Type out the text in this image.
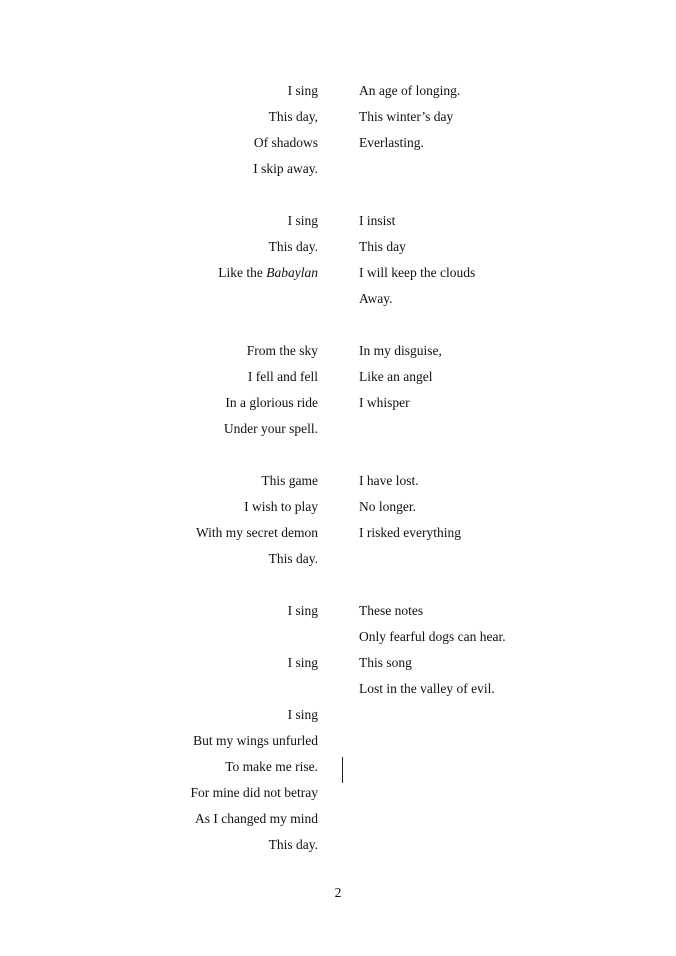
I sing
This day,
Of shadows
I skip away.
An age of longing.
This winter’s day
Everlasting.
I sing
This day.
Like the Babaylan
I insist
This day
I will keep the clouds
Away.
From the sky
I fell and fell
In a glorious ride
Under your spell.
In my disguise,
Like an angel
I whisper
This game
I wish to play
With my secret demon
This day.
I have lost.
No longer.
I risked everything
I sing
I sing
These notes
Only fearful dogs can hear.
This song
Lost in the valley of evil.
I sing
But my wings unfurled
To make me rise.
For mine did not betray
As I changed my mind
This day.
2
